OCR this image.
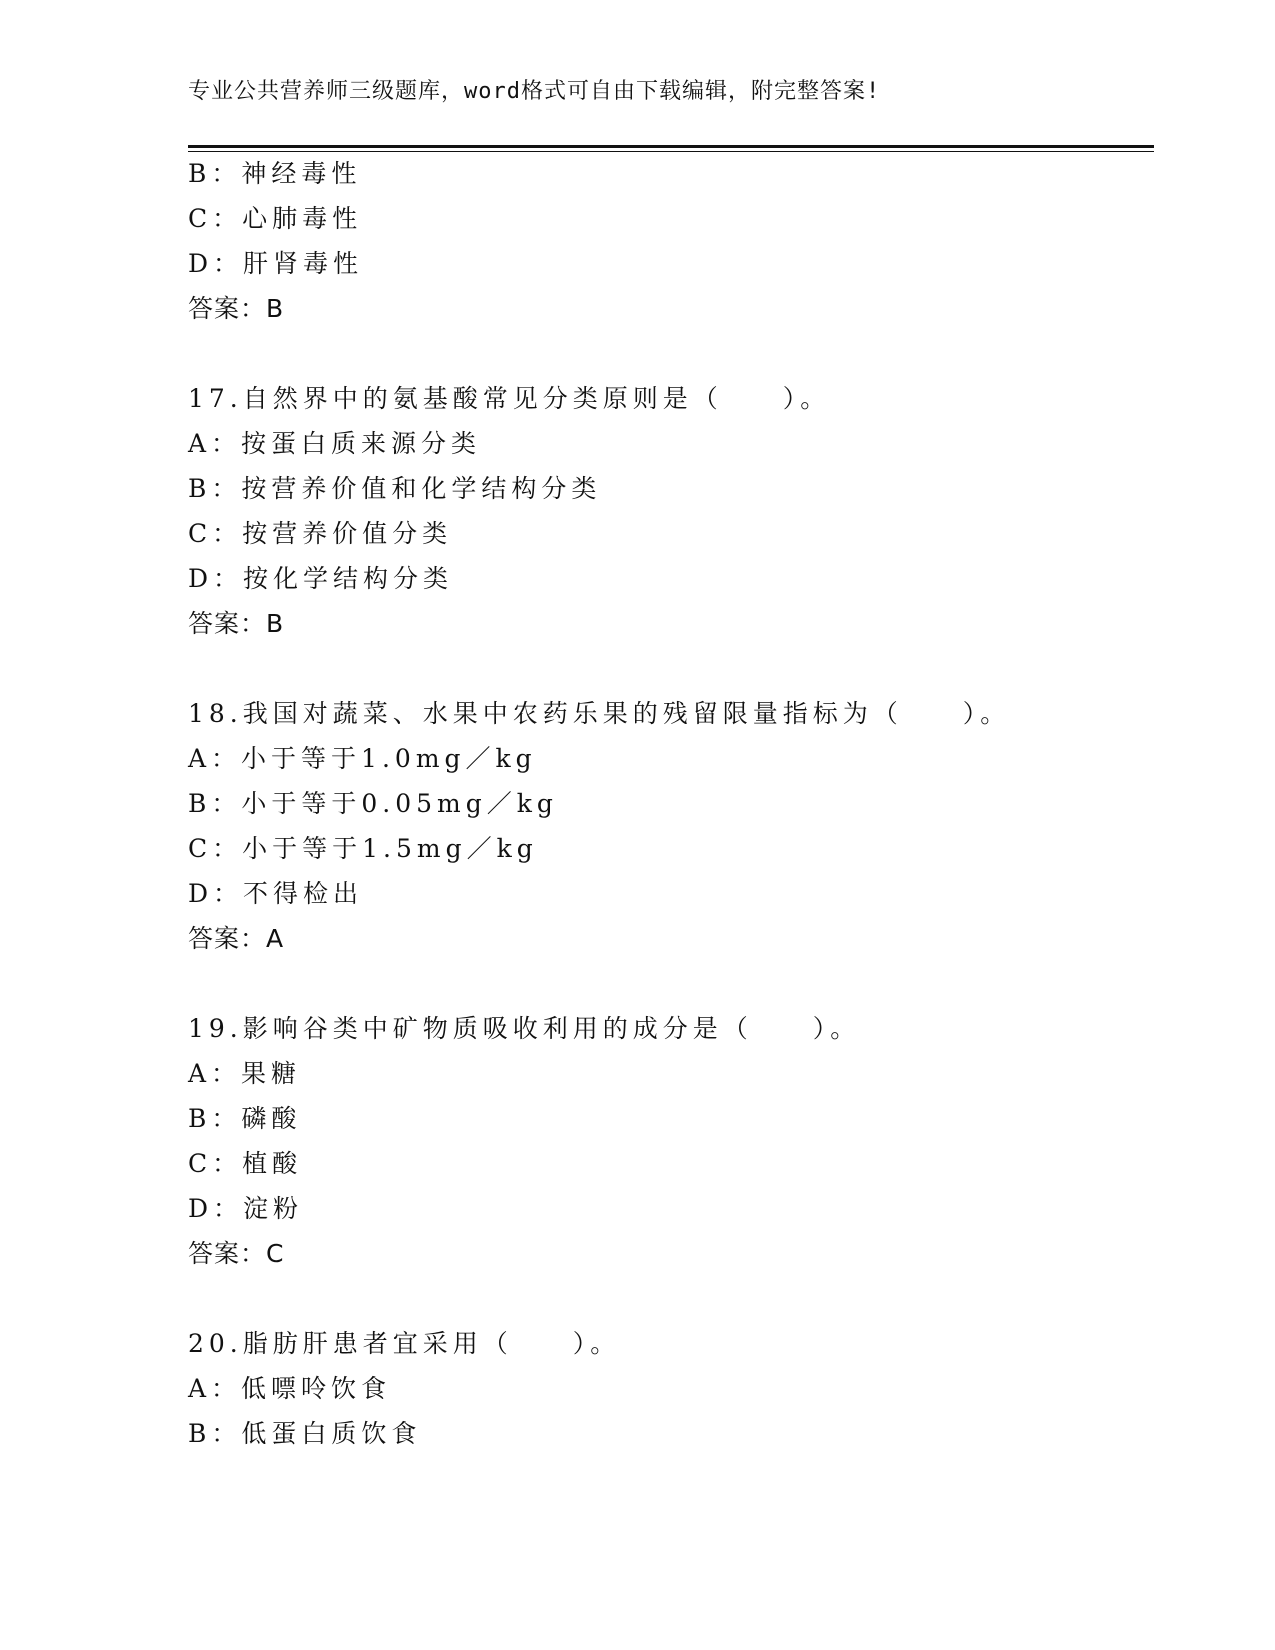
专业公共营养师三级题库，word格式可自由下载编辑，附完整答案!
B：神经毒性
C：心肺毒性
D：肝肾毒性
答案：B
17.自然界中的氨基酸常见分类原则是（　　）。
A：按蛋白质来源分类
B：按营养价值和化学结构分类
C：按营养价值分类
D：按化学结构分类
答案：B
18.我国对蔬菜、水果中农药乐果的残留限量指标为（　　）。
A：小于等于1.0mg／kg
B：小于等于0.05mg／kg
C：小于等于1.5mg／kg
D：不得检出
答案：A
19.影响谷类中矿物质吸收利用的成分是（　　）。
A：果糖
B：磷酸
C：植酸
D：淀粉
答案：C
20.脂肪肝患者宜采用（　　）。
A：低嘌呤饮食
B：低蛋白质饮食
